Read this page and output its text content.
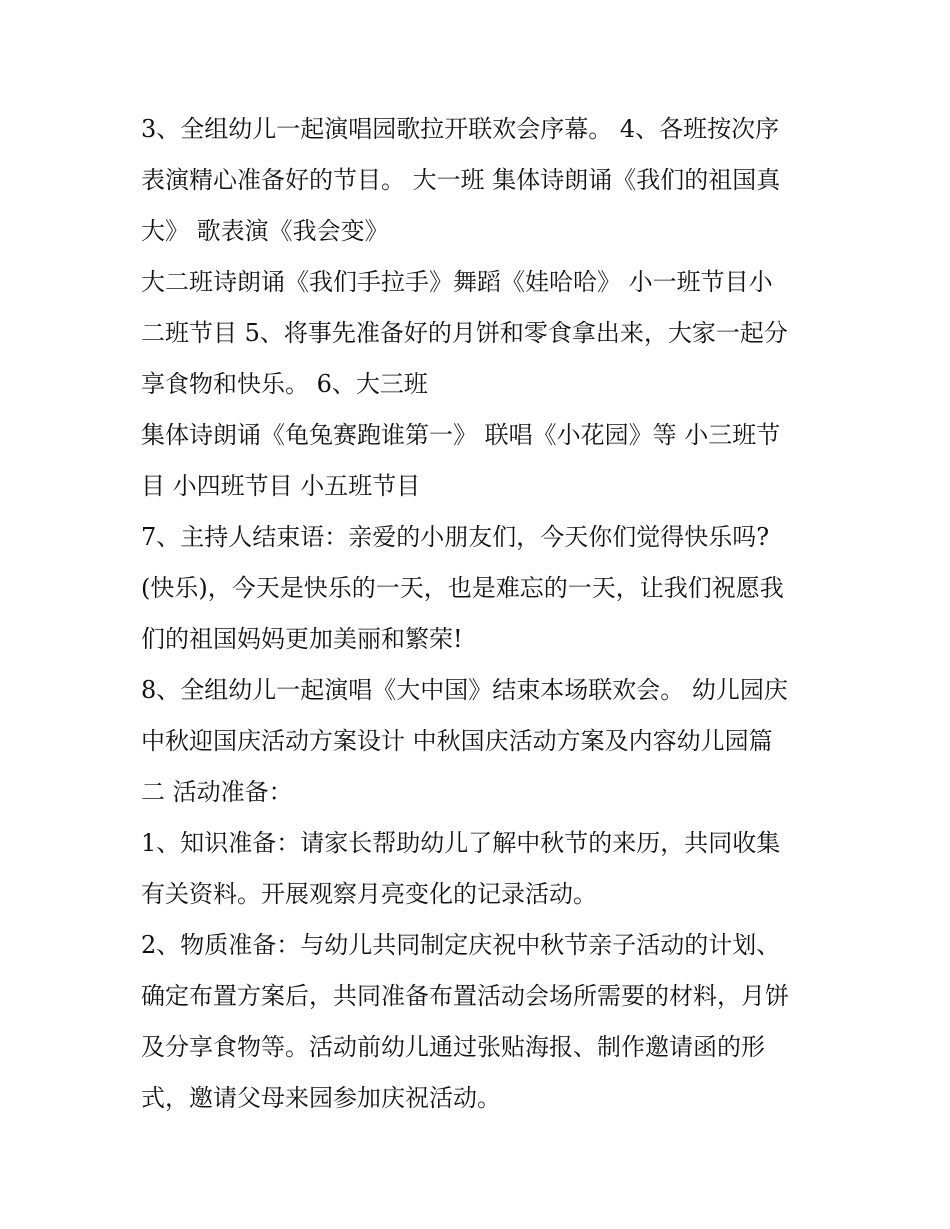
3、全组幼儿一起演唱园歌拉开联欢会序幕。 4、各班按次序
表演精心准备好的节目。 大一班 集体诗朗诵《我们的祖国真
大》 歌表演《我会变》
大二班诗朗诵《我们手拉手》舞蹈《娃哈哈》 小一班节目小
二班节目 5、将事先准备好的月饼和零食拿出来，大家一起分
享食物和快乐。 6、大三班
集体诗朗诵《龟兔赛跑谁第一》 联唱《小花园》等 小三班节
目 小四班节目 小五班节目
7、主持人结束语：亲爱的小朋友们，今天你们觉得快乐吗?
(快乐)，今天是快乐的一天，也是难忘的一天，让我们祝愿我
们的祖国妈妈更加美丽和繁荣!
8、全组幼儿一起演唱《大中国》结束本场联欢会。 幼儿园庆
中秋迎国庆活动方案设计 中秋国庆活动方案及内容幼儿园篇
二 活动准备：
1、知识准备：请家长帮助幼儿了解中秋节的来历，共同收集
有关资料。开展观察月亮变化的记录活动。
2、物质准备：与幼儿共同制定庆祝中秋节亲子活动的计划、
确定布置方案后，共同准备布置活动会场所需要的材料，月饼
及分享食物等。活动前幼儿通过张贴海报、制作邀请函的形
式，邀请父母来园参加庆祝活动。
